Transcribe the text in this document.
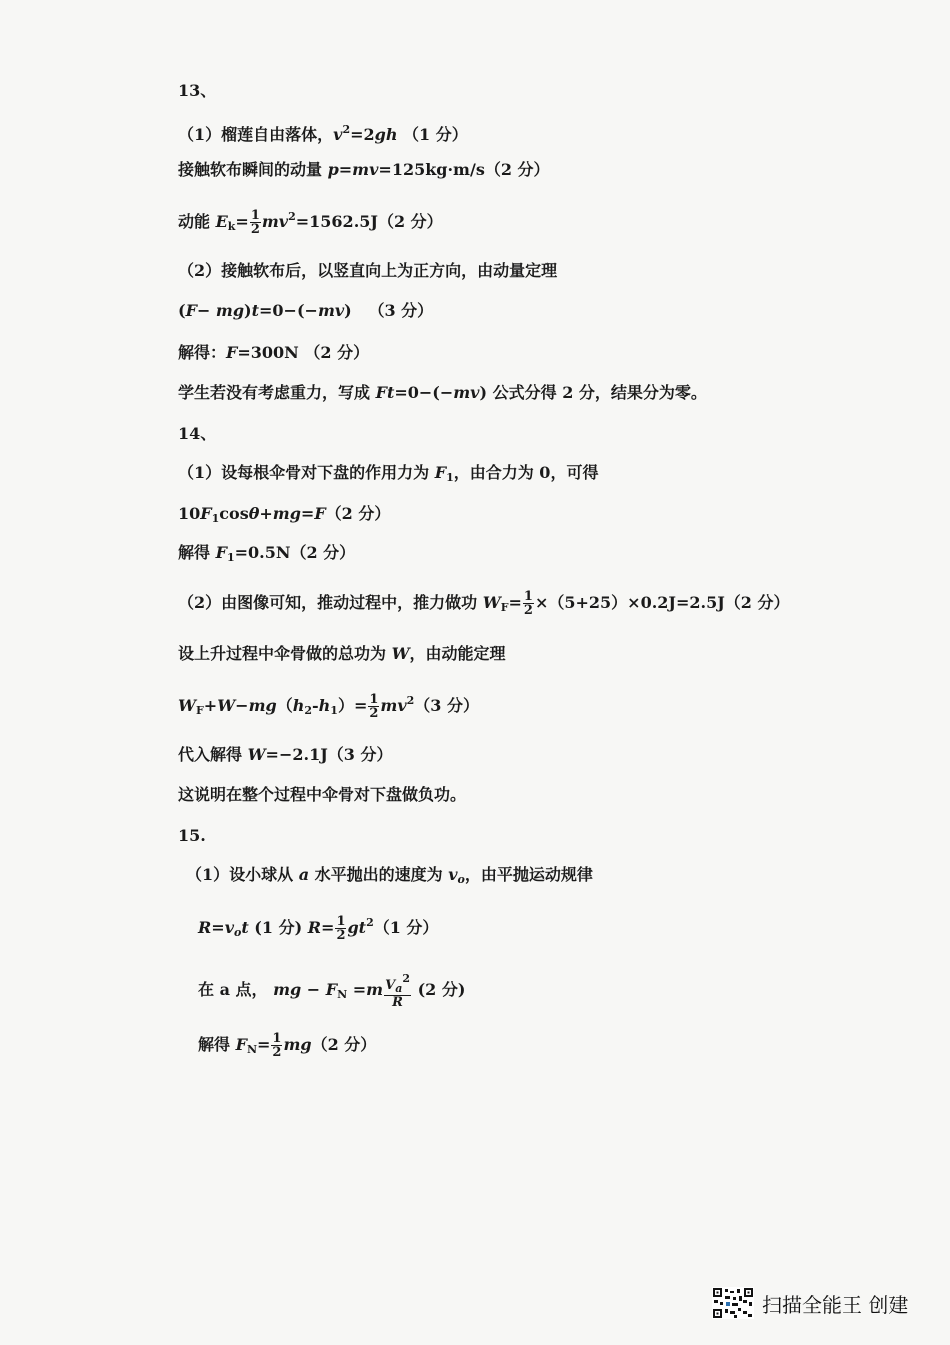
13、
（1）榴莲自由落体，$v^2=2gh$ （1 分）
接触软布瞬间的动量 p=mv=125kg·m/s（2 分）
动能 $E_k= \frac{1}{2} mv^2=1562.5J(2$ 分）
（2）接触软布后，以竖直向上为正方向，由动量定理
(F− mg)t=0−(−mv) （3 分）
解得：F=300N （2 分）
学生若没有考虑重力，写成 Ft=0−(−mv) 公式分得 2 分，结果分为零。
14、
（1）设每根伞骨对下盘的作用力为 $F_1$，由合力为 0，可得
$10F_1\cos\theta+mg=F(2$ 分）
解得 $F_1=0.5N(2$ 分）
（2）由图像可知，推动过程中，推力做功 $W_F= \frac{1}{2} \times(5+25)\times 0.2J=2.5J(2$ 分）
设上升过程中伞骨做的总功为 W，由动能定理
$W_F+W-mg(h_2-h_1)= \frac{1}{2} mv^2(3$ 分）
代入解得 W=−2.1J（3 分）
这说明在整个过程中伞骨对下盘做负功。
15.
（1）设小球从 a 水平抛出的速度为 $v_o$，由平抛运动规律
$R=v_ot$ (1 分) $R= \frac{1}{2} gt^2(1$ 分）
在 a 点， mg − $F_N =m \frac{V_a^2}{R} (2$ 分)
解得 $F_N= \frac{1}{2} mg(2$ 分）
扫描全能王 创建
